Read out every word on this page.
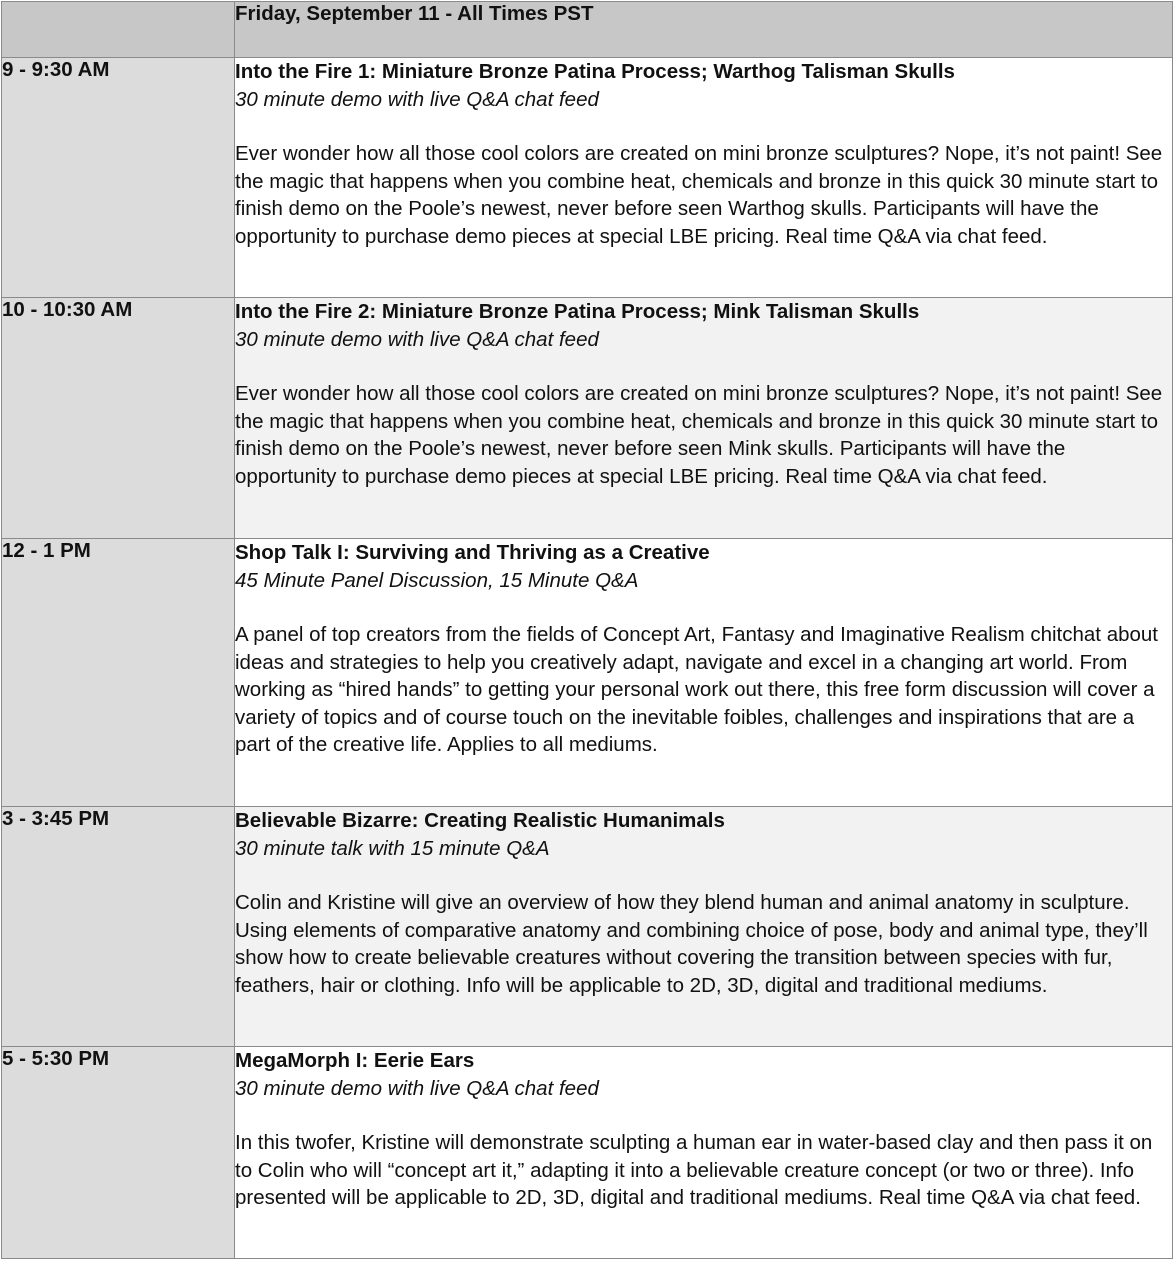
	Friday, September 11 - All Times PST
9 - 9:30 AM	Into the Fire 1: Miniature Bronze Patina Process; Warthog Talisman Skulls
30 minute demo with live Q&A chat feed
Ever wonder how all those cool colors are created on mini bronze sculptures? Nope, it’s not paint! See the magic that happens when you combine heat, chemicals and bronze in this quick 30 minute start to finish demo on the Poole’s newest, never before seen Warthog skulls. Participants will have the opportunity to purchase demo pieces at special LBE pricing. Real time Q&A via chat feed.

10 - 10:30 AM	Into the Fire 2: Miniature Bronze Patina Process; Mink Talisman Skulls
30 minute demo with live Q&A chat feed
Ever wonder how all those cool colors are created on mini bronze sculptures? Nope, it’s not paint! See the magic that happens when you combine heat, chemicals and bronze in this quick 30 minute start to finish demo on the Poole’s newest, never before seen Mink skulls. Participants will have the opportunity to purchase demo pieces at special LBE pricing. Real time Q&A via chat feed.

12 - 1 PM	Shop Talk I: Surviving and Thriving as a Creative
45 Minute Panel Discussion, 15 Minute Q&A
A panel of top creators from the fields of Concept Art, Fantasy and Imaginative Realism chitchat about ideas and strategies to help you creatively adapt, navigate and excel in a changing art world. From working as “hired hands” to getting your personal work out there, this free form discussion will cover a variety of topics and of course touch on the inevitable foibles, challenges and inspirations that are a part of the creative life. Applies to all mediums.

3 - 3:45 PM	Believable Bizarre: Creating Realistic Humanimals
30 minute talk with 15 minute Q&A
Colin and Kristine will give an overview of how they blend human and animal anatomy in sculpture. Using elements of comparative anatomy and combining choice of pose, body and animal type, they’ll show how to create believable creatures without covering the transition between species with fur, feathers, hair or clothing. Info will be applicable to 2D, 3D, digital and traditional mediums.

5 - 5:30 PM	MegaMorph I: Eerie Ears
30 minute demo with live Q&A chat feed
In this twofer, Kristine will demonstrate sculpting a human ear in water-based clay and then pass it on to Colin who will “concept art it,” adapting it into a believable creature concept (or two or three). Info presented will be applicable to 2D, 3D, digital and traditional mediums. Real time Q&A via chat feed.
